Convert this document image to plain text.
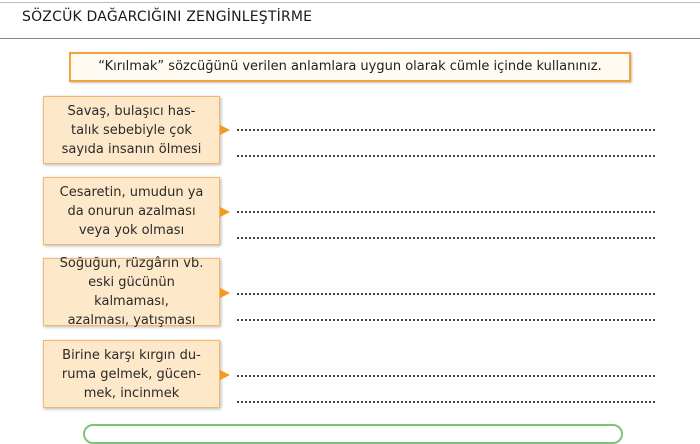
SÖZCÜK DAĞARCIĞINI ZENGİNLEŞTİRME
“Kırılmak” sözcüğünü verilen anlamlara uygun olarak cümle içinde kullanınız.
Savaş, bulaşıcı has-
talık sebebiyle çok
sayıda insanın ölmesi
Cesaretin, umudun ya
da onurun azalması
veya yok olması
Soğuğun, rüzgârın vb.
eski gücünün kalmaması,
azalması, yatışması
Birine karşı kırgın du-
ruma gelmek, gücen-
mek, incinmek
